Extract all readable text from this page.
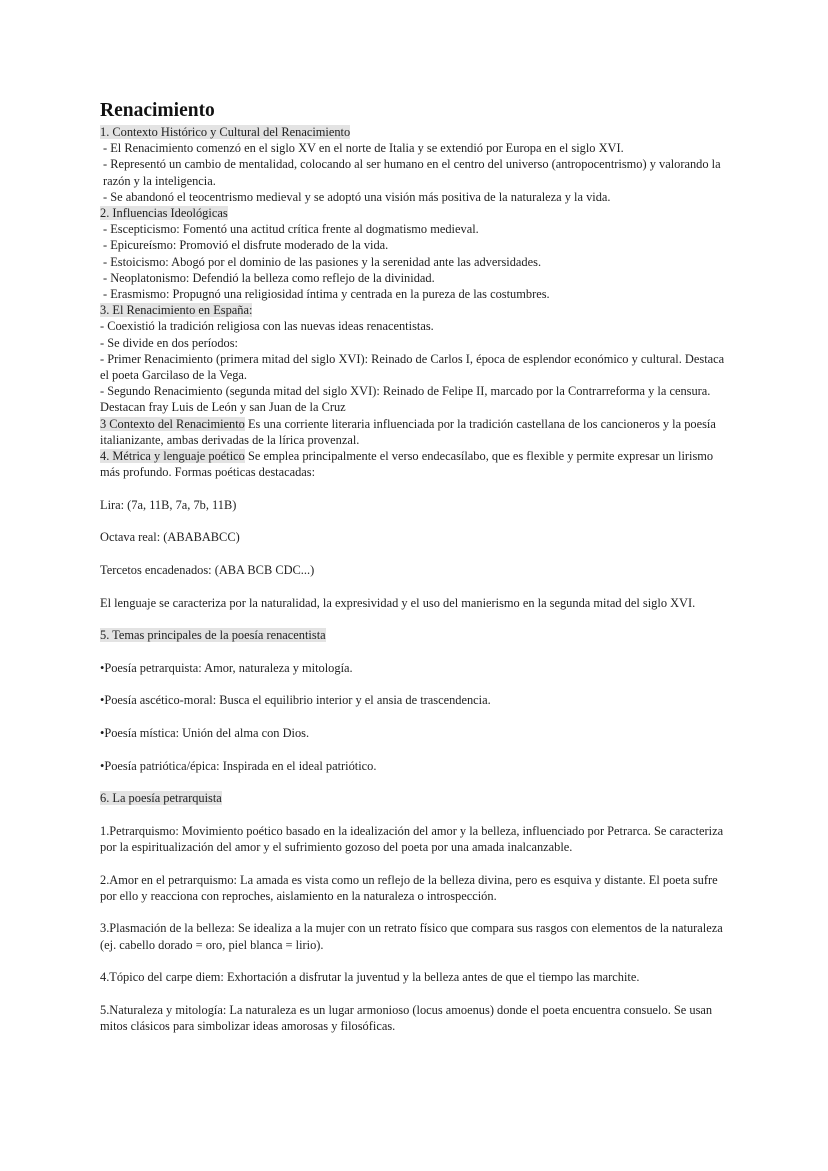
Renacimiento

1. Contexto Histórico y Cultural del Renacimiento

- El Renacimiento comenzó en el siglo XV en el norte de Italia y se extendió por Europa en el siglo XVI.

- Representó un cambio de mentalidad, colocando al ser humano en el centro del universo (antropocentrismo) y valorando la razón y la inteligencia.

- Se abandonó el teocentrismo medieval y se adoptó una visión más positiva de la naturaleza y la vida.

2. Influencias Ideológicas

- Escepticismo: Fomentó una actitud crítica frente al dogmatismo medieval.

- Epicureísmo: Promovió el disfrute moderado de la vida.

- Estoicismo: Abogó por el dominio de las pasiones y la serenidad ante las adversidades.

- Neoplatonismo: Defendió la belleza como reflejo de la divinidad.

- Erasmismo: Propugnó una religiosidad íntima y centrada en la pureza de las costumbres.

3. El Renacimiento en España:

- Coexistió la tradición religiosa con las nuevas ideas renacentistas.

- Se divide en dos períodos:

- Primer Renacimiento (primera mitad del siglo XVI): Reinado de Carlos I, época de esplendor económico y cultural. Destaca el poeta Garcilaso de la Vega.

- Segundo Renacimiento (segunda mitad del siglo XVI): Reinado de Felipe II, marcado por la Contrarreforma y la censura. Destacan fray Luis de León y san Juan de la Cruz

3 Contexto del Renacimiento Es una corriente literaria influenciada por la tradición castellana de los cancioneros y la poesía italianizante, ambas derivadas de la lírica provenzal.

4. Métrica y lenguaje poético Se emplea principalmente el verso endecasílabo, que es flexible y permite expresar un lirismo más profundo. Formas poéticas destacadas:

Lira: (7a, 11B, 7a, 7b, 11B)

Octava real: (ABABABCC)

Tercetos encadenados: (ABA BCB CDC...)

El lenguaje se caracteriza por la naturalidad, la expresividad y el uso del manierismo en la segunda mitad del siglo XVI.

5. Temas principales de la poesía renacentista

•Poesía petrarquista: Amor, naturaleza y mitología.

•Poesía ascético-moral: Busca el equilibrio interior y el ansia de trascendencia.

•Poesía mística: Unión del alma con Dios.

•Poesía patriótica/épica: Inspirada en el ideal patriótico.

6. La poesía petrarquista

1.Petrarquismo: Movimiento poético basado en la idealización del amor y la belleza, influenciado por Petrarca. Se caracteriza por la espiritualización del amor y el sufrimiento gozoso del poeta por una amada inalcanzable.

2.Amor en el petrarquismo: La amada es vista como un reflejo de la belleza divina, pero es esquiva y distante. El poeta sufre por ello y reacciona con reproches, aislamiento en la naturaleza o introspección.

3.Plasmación de la belleza: Se idealiza a la mujer con un retrato físico que compara sus rasgos con elementos de la naturaleza (ej. cabello dorado = oro, piel blanca = lirio).

4.Tópico del carpe diem: Exhortación a disfrutar la juventud y la belleza antes de que el tiempo las marchite.

5.Naturaleza y mitología: La naturaleza es un lugar armonioso (locus amoenus) donde el poeta encuentra consuelo. Se usan mitos clásicos para simbolizar ideas amorosas y filosóficas.
